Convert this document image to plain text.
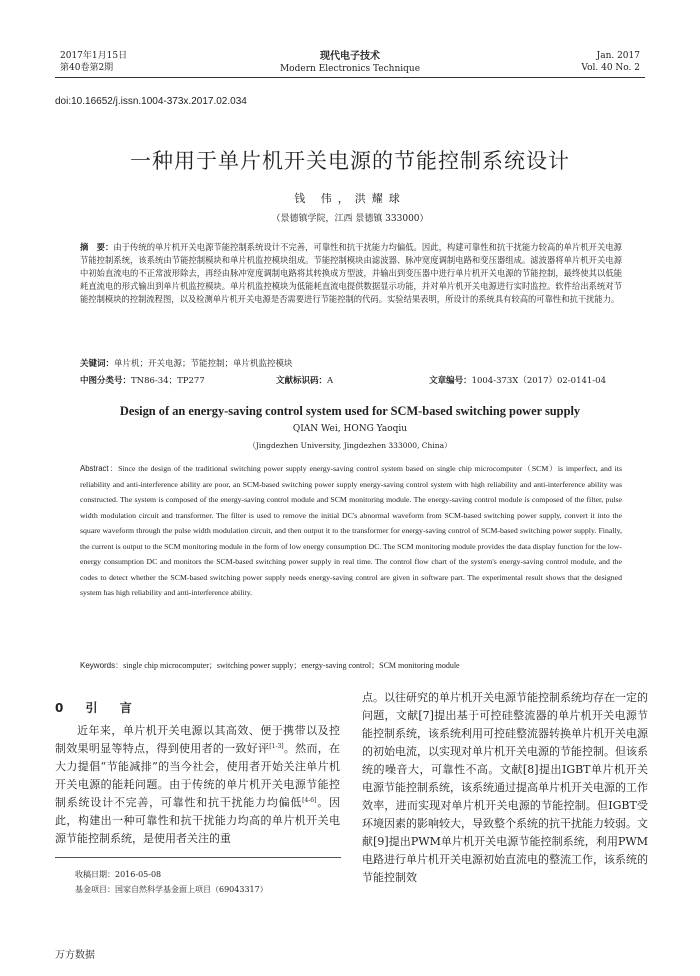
2017年1月15日
第40卷第2期
现代电子技术
Modern Electronics Technique
Jan. 2017
Vol. 40 No. 2
doi:10.16652/j.issn.1004-373x.2017.02.034
一种用于单片机开关电源的节能控制系统设计
钱 伟，洪耀球
（景德镇学院，江西 景德镇 333000）
摘　要：由于传统的单片机开关电源节能控制系统设计不完善，可靠性和抗干扰能力均偏低。因此，构建可靠性和抗干扰能力较高的单片机开关电源节能控制系统，该系统由节能控制模块和单片机监控模块组成。节能控制模块由滤波器、脉冲宽度调制电路和变压器组成。滤波器将单片机开关电源中初始直流电的不正常波形除去，再经由脉冲宽度调制电路将其转换成方型波，并输出到变压器中进行单片机开关电源的节能控制，最终使其以低能耗直流电的形式输出到单片机监控模块。单片机监控模块为低能耗直流电提供数据显示功能，并对单片机开关电源进行实时监控。软件给出系统对节能控制模块的控制流程图，以及检测单片机开关电源是否需要进行节能控制的代码。实验结果表明，所设计的系统具有较高的可靠性和抗干扰能力。
关键词：单片机；开关电源；节能控制；单片机监控模块
中图分类号：TN86-34；TP277	文献标识码：A	文章编号：1004-373X（2017）02-0141-04
Design of an energy-saving control system used for SCM-based switching power supply
QIAN Wei, HONG Yaoqiu
（Jingdezhen University, Jingdezhen 333000, China）
Abstract：Since the design of the traditional switching power supply energy-saving control system based on single chip microcomputer（SCM）is imperfect, and its reliability and anti-interference ability are poor, an SCM-based switching power supply energy-saving control system with high reliability and anti-interference ability was constructed. The system is composed of the energy-saving control module and SCM monitoring module. The energy-saving control module is composed of the filter, pulse width modulation circuit and transformer. The filter is used to remove the initial DC's abnormal waveform from SCM-based switching power supply, convert it into the square waveform through the pulse width modulation circuit, and then output it to the transformer for energy-saving control of SCM-based switching power supply. Finally, the current is output to the SCM monitoring module in the form of low energy consumption DC. The SCM monitoring module provides the data display function for the low-energy consumption DC and monitors the SCM-based switching power supply in real time. The control flow chart of the system's energy-saving control module, and the codes to detect whether the SCM-based switching power supply needs energy-saving control are given in software part. The experimental result shows that the designed system has high reliability and anti-interference ability.
Keywords：single chip microcomputer；switching power supply；energy-saving control；SCM monitoring module
0 引 言

近年来，单片机开关电源以其高效、便于携带以及控制效果明显等特点，得到使用者的一致好评[1-3]。然而，在大力提倡“节能减排”的当今社会，使用者开始关注单片机开关电源的能耗问题。由于传统的单片机开关电源节能控制系统设计不完善，可靠性和抗干扰能力均偏低[4-6]。因此，构建出一种可靠性和抗干扰能力均高的单片机开关电源节能控制系统，是使用者关注的重

点。以往研究的单片机开关电源节能控制系统均存在一定的问题，文献[7]提出基于可控硅整流器的单片机开关电源节能控制系统，该系统利用可控硅整流器转换单片机开关电源的初始电流，以实现对单片机开关电源的节能控制。但该系统的噪音大，可靠性不高。文献[8]提出IGBT单片机开关电源节能控制系统，该系统通过提高单片机开关电源的工作效率，进而实现对单片机开关电源的节能控制。但IGBT受环境因素的影响较大，导致整个系统的抗干扰能力较弱。文献[9]提出PWM单片机开关电源节能控制系统，利用PWM电路进行单片机开关电源初始直流电的整流工作，该系统的节能控制效

收稿日期：2016-05-08
基金项目：国家自然科学基金面上项目（69043317）
万方数据
